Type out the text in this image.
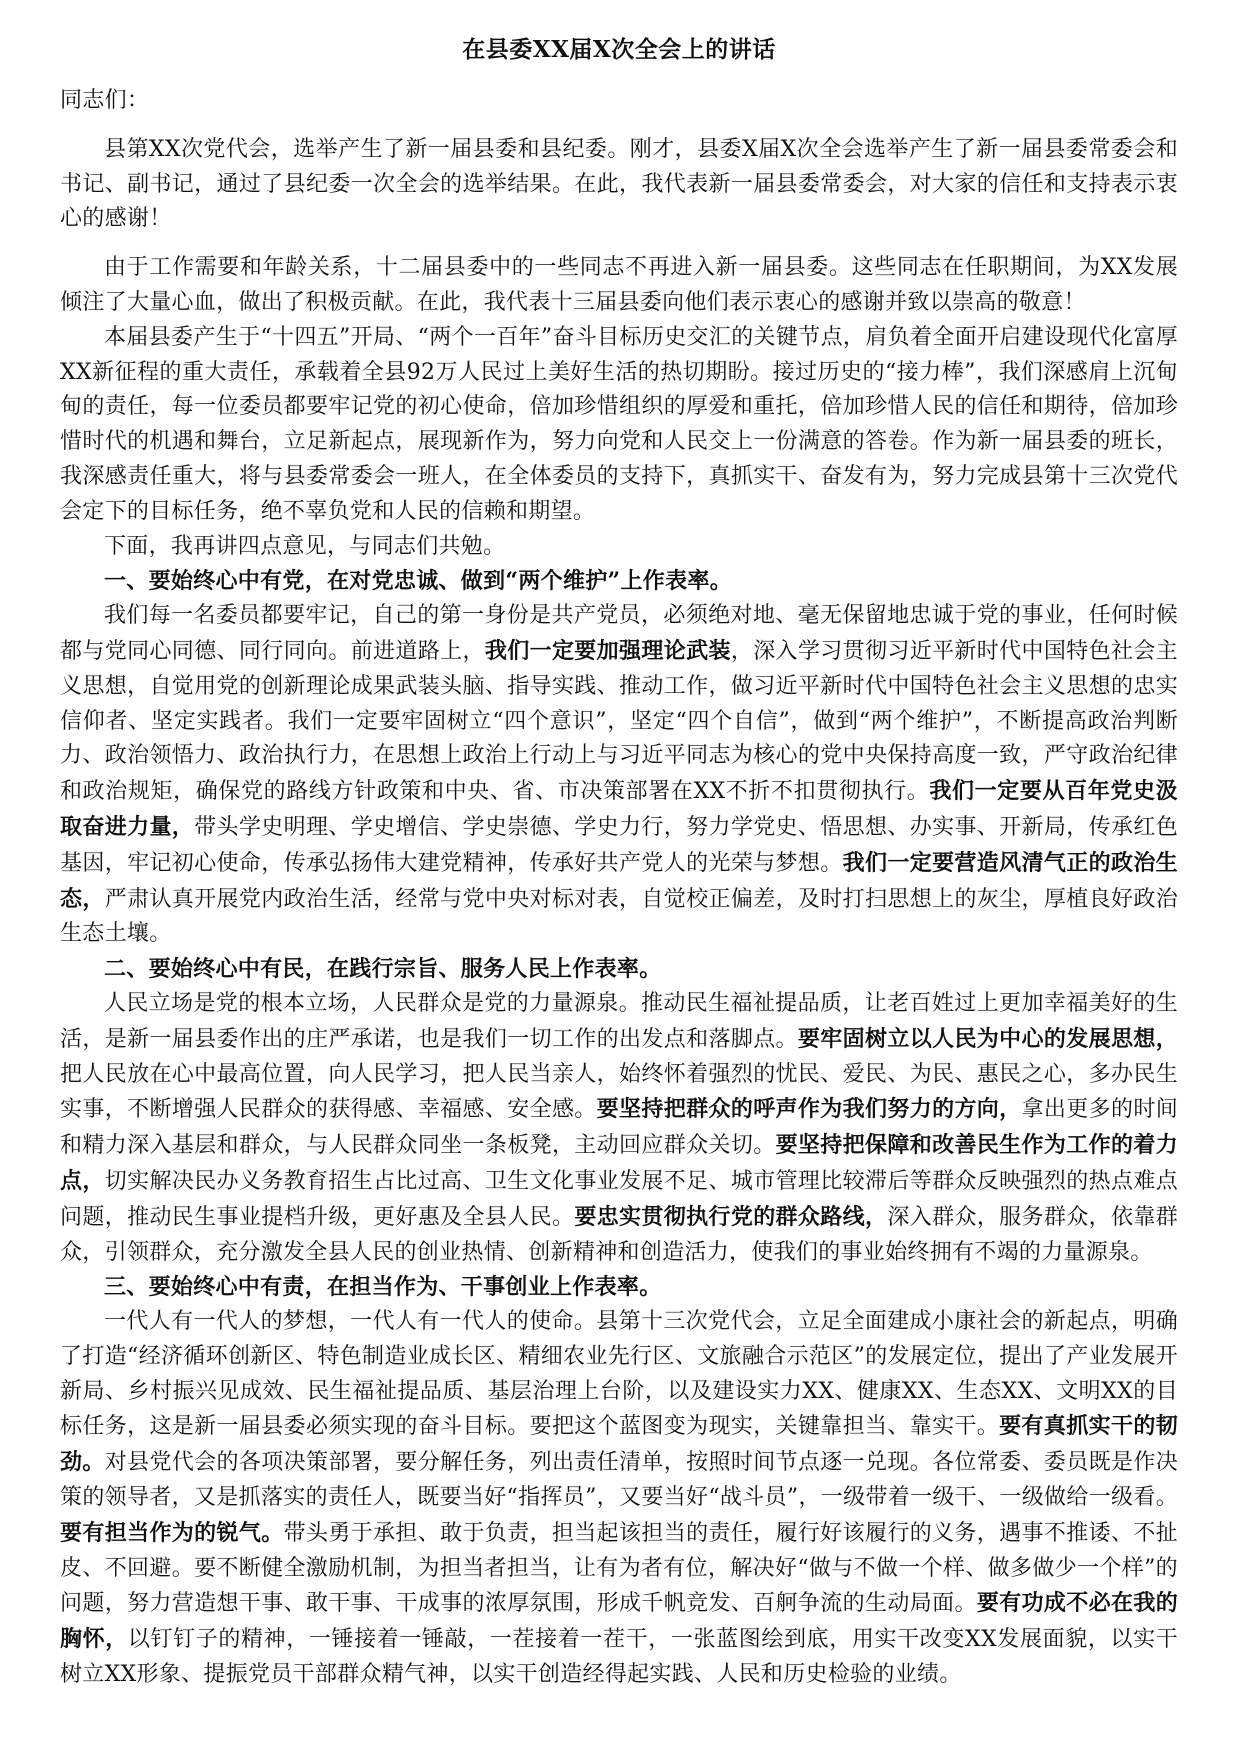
在县委XX届X次全会上的讲话

同志们：

县第XX次党代会，选举产生了新一届县委和县纪委。刚才，县委X届X次全会选举产生了新一届县委常委会和书记、副书记，通过了县纪委一次全会的选举结果。在此，我代表新一届县委常委会，对大家的信任和支持表示衷心的感谢！

由于工作需要和年龄关系，十二届县委中的一些同志不再进入新一届县委。这些同志在任职期间，为XX发展倾注了大量心血，做出了积极贡献。在此，我代表十三届县委向他们表示衷心的感谢并致以崇高的敬意！

本届县委产生于“十四五”开局、“两个一百年”奋斗目标历史交汇的关键节点，肩负着全面开启建设现代化富厚XX新征程的重大责任，承载着全县92万人民过上美好生活的热切期盼。接过历史的“接力棒”，我们深感肩上沉甸甸的责任，每一位委员都要牢记党的初心使命，倍加珍惜组织的厚爱和重托，倍加珍惜人民的信任和期待，倍加珍惜时代的机遇和舞台，立足新起点，展现新作为，努力向党和人民交上一份满意的答卷。作为新一届县委的班长，我深感责任重大，将与县委常委会一班人，在全体委员的支持下，真抓实干、奋发有为，努力完成县第十三次党代会定下的目标任务，绝不辜负党和人民的信赖和期望。

下面，我再讲四点意见，与同志们共勉。

一、要始终心中有党，在对党忠诚、做到“两个维护”上作表率。

我们每一名委员都要牢记，自己的第一身份是共产党员，必须绝对地、毫无保留地忠诚于党的事业，任何时候都与党同心同德、同行同向。前进道路上，我们一定要加强理论武装，深入学习贯彻习近平新时代中国特色社会主义思想，自觉用党的创新理论成果武装头脑、指导实践、推动工作，做习近平新时代中国特色社会主义思想的忠实信仰者、坚定实践者。我们一定要牢固树立“四个意识”，坚定“四个自信”，做到“两个维护”，不断提高政治判断力、政治领悟力、政治执行力，在思想上政治上行动上与习近平同志为核心的党中央保持高度一致，严守政治纪律和政治规矩，确保党的路线方针政策和中央、省、市决策部署在XX不折不扣贯彻执行。我们一定要从百年党史汲取奋进力量，带头学史明理、学史增信、学史崇德、学史力行，努力学党史、悟思想、办实事、开新局，传承红色基因，牢记初心使命，传承弘扬伟大建党精神，传承好共产党人的光荣与梦想。我们一定要营造风清气正的政治生态，严肃认真开展党内政治生活，经常与党中央对标对表，自觉校正偏差，及时打扫思想上的灰尘，厚植良好政治生态土壤。

二、要始终心中有民，在践行宗旨、服务人民上作表率。

人民立场是党的根本立场，人民群众是党的力量源泉。推动民生福祉提品质，让老百姓过上更加幸福美好的生活，是新一届县委作出的庄严承诺，也是我们一切工作的出发点和落脚点。要牢固树立以人民为中心的发展思想，把人民放在心中最高位置，向人民学习，把人民当亲人，始终怀着强烈的忧民、爱民、为民、惠民之心，多办民生实事，不断增强人民群众的获得感、幸福感、安全感。要坚持把群众的呼声作为我们努力的方向，拿出更多的时间和精力深入基层和群众，与人民群众同坐一条板凳，主动回应群众关切。要坚持把保障和改善民生作为工作的着力点，切实解决民办义务教育招生占比过高、卫生文化事业发展不足、城市管理比较滞后等群众反映强烈的热点难点问题，推动民生事业提档升级，更好惠及全县人民。要忠实贯彻执行党的群众路线，深入群众，服务群众，依靠群众，引领群众，充分激发全县人民的创业热情、创新精神和创造活力，使我们的事业始终拥有不竭的力量源泉。

三、要始终心中有责，在担当作为、干事创业上作表率。

一代人有一代人的梦想，一代人有一代人的使命。县第十三次党代会，立足全面建成小康社会的新起点，明确了打造“经济循环创新区、特色制造业成长区、精细农业先行区、文旅融合示范区”的发展定位，提出了产业发展开新局、乡村振兴见成效、民生福祉提品质、基层治理上台阶，以及建设实力XX、健康XX、生态XX、文明XX的目标任务，这是新一届县委必须实现的奋斗目标。要把这个蓝图变为现实，关键靠担当、靠实干。要有真抓实干的韧劲。对县党代会的各项决策部署，要分解任务，列出责任清单，按照时间节点逐一兑现。各位常委、委员既是作决策的领导者，又是抓落实的责任人，既要当好“指挥员”，又要当好“战斗员”，一级带着一级干、一级做给一级看。要有担当作为的锐气。带头勇于承担、敢于负责，担当起该担当的责任，履行好该履行的义务，遇事不推诿、不扯皮、不回避。要不断健全激励机制，为担当者担当，让有为者有位，解决好“做与不做一个样、做多做少一个样”的问题，努力营造想干事、敢干事、干成事的浓厚氛围，形成千帆竞发、百舸争流的生动局面。要有功成不必在我的胸怀，以钉钉子的精神，一锤接着一锤敲，一茬接着一茬干，一张蓝图绘到底，用实干改变XX发展面貌，以实干树立XX形象、提振党员干部群众精气神，以实干创造经得起实践、人民和历史检验的业绩。
